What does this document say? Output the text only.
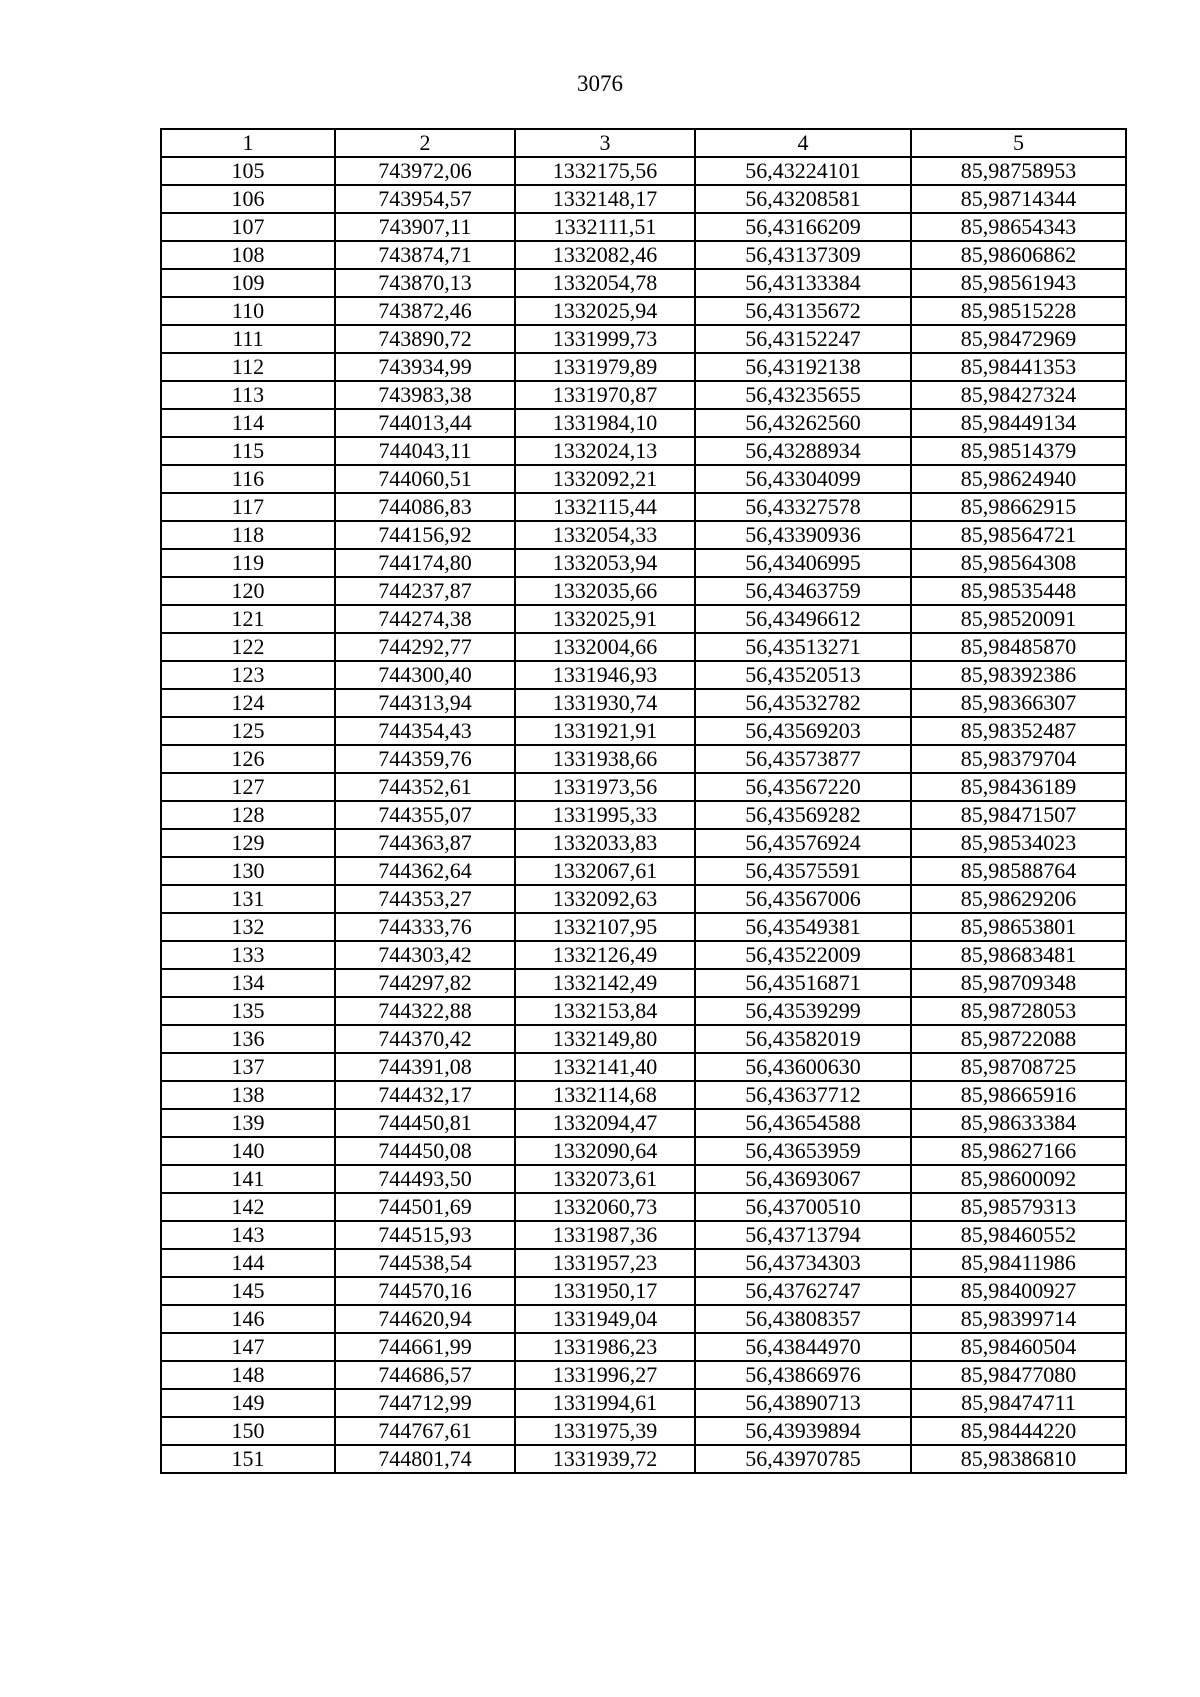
3076
1	2	3	4	5
105	743972,06	1332175,56	56,43224101	85,98758953
106	743954,57	1332148,17	56,43208581	85,98714344
107	743907,11	1332111,51	56,43166209	85,98654343
108	743874,71	1332082,46	56,43137309	85,98606862
109	743870,13	1332054,78	56,43133384	85,98561943
110	743872,46	1332025,94	56,43135672	85,98515228
111	743890,72	1331999,73	56,43152247	85,98472969
112	743934,99	1331979,89	56,43192138	85,98441353
113	743983,38	1331970,87	56,43235655	85,98427324
114	744013,44	1331984,10	56,43262560	85,98449134
115	744043,11	1332024,13	56,43288934	85,98514379
116	744060,51	1332092,21	56,43304099	85,98624940
117	744086,83	1332115,44	56,43327578	85,98662915
118	744156,92	1332054,33	56,43390936	85,98564721
119	744174,80	1332053,94	56,43406995	85,98564308
120	744237,87	1332035,66	56,43463759	85,98535448
121	744274,38	1332025,91	56,43496612	85,98520091
122	744292,77	1332004,66	56,43513271	85,98485870
123	744300,40	1331946,93	56,43520513	85,98392386
124	744313,94	1331930,74	56,43532782	85,98366307
125	744354,43	1331921,91	56,43569203	85,98352487
126	744359,76	1331938,66	56,43573877	85,98379704
127	744352,61	1331973,56	56,43567220	85,98436189
128	744355,07	1331995,33	56,43569282	85,98471507
129	744363,87	1332033,83	56,43576924	85,98534023
130	744362,64	1332067,61	56,43575591	85,98588764
131	744353,27	1332092,63	56,43567006	85,98629206
132	744333,76	1332107,95	56,43549381	85,98653801
133	744303,42	1332126,49	56,43522009	85,98683481
134	744297,82	1332142,49	56,43516871	85,98709348
135	744322,88	1332153,84	56,43539299	85,98728053
136	744370,42	1332149,80	56,43582019	85,98722088
137	744391,08	1332141,40	56,43600630	85,98708725
138	744432,17	1332114,68	56,43637712	85,98665916
139	744450,81	1332094,47	56,43654588	85,98633384
140	744450,08	1332090,64	56,43653959	85,98627166
141	744493,50	1332073,61	56,43693067	85,98600092
142	744501,69	1332060,73	56,43700510	85,98579313
143	744515,93	1331987,36	56,43713794	85,98460552
144	744538,54	1331957,23	56,43734303	85,98411986
145	744570,16	1331950,17	56,43762747	85,98400927
146	744620,94	1331949,04	56,43808357	85,98399714
147	744661,99	1331986,23	56,43844970	85,98460504
148	744686,57	1331996,27	56,43866976	85,98477080
149	744712,99	1331994,61	56,43890713	85,98474711
150	744767,61	1331975,39	56,43939894	85,98444220
151	744801,74	1331939,72	56,43970785	85,98386810
